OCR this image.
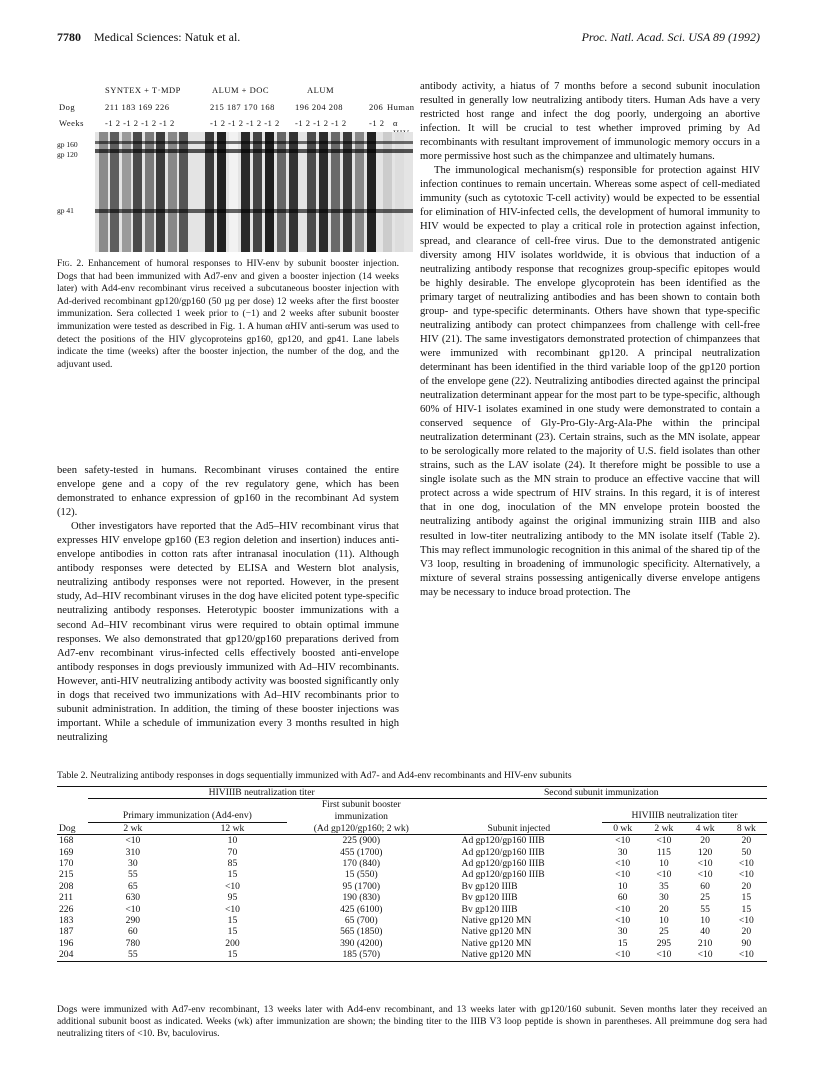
7780 Medical Sciences: Natuk et al.	Proc. Natl. Acad. Sci. USA 89 (1992)
SYNTEX + T·MDP	ALUM + DOC	ALUM
Dog	211 183 169 226	215 187 170 168 196 204 208	206 Human
Weeks -1 2 -1 2 -1 2 -1 2	-1 2 -1 2 -1 2 -1 2 -1 2 -1 2 -1 2	-1 2 α
gp 160
gp 120
gp 41
Fig. 2. Enhancement of humoral responses to HIV-env by subunit booster injection. Dogs that had been immunized with Ad7-env and given a booster injection (14 weeks later) with Ad4-env recombinant virus received a subcutaneous booster injection with Ad-derived recombinant gp120/gp160 (50 µg per dose) 12 weeks after the first booster immunization. Sera collected 1 week prior to (−1) and 2 weeks after subunit booster immunization were tested as described in Fig. 1. A human αHIV anti-serum was used to detect the positions of the HIV glycoproteins gp160, gp120, and gp41. Lane labels indicate the time (weeks) after the booster injection, the number of the dog, and the adjuvant used.

been safety-tested in humans. Recombinant viruses contained the entire envelope gene and a copy of the rev regulatory gene, which has been demonstrated to enhance expression of gp160 in the recombinant Ad system (12).

Other investigators have reported that the Ad5–HIV recombinant virus that expresses HIV envelope gp160 (E3 region deletion and insertion) induces anti-envelope antibodies in cotton rats after intranasal inoculation (11). Although antibody responses were detected by ELISA and Western blot analysis, neutralizing antibody responses were not reported. However, in the present study, Ad–HIV recombinant viruses in the dog have elicited potent type-specific neutralizing antibody responses. Heterotypic booster immunizations with a second Ad–HIV recombinant virus were required to obtain optimal immune responses. We also demonstrated that gp120/gp160 preparations derived from Ad7-env recombinant virus-infected cells effectively boosted anti-envelope antibody responses in dogs previously immunized with Ad–HIV recombinants. However, anti-HIV neutralizing antibody activity was boosted significantly only in dogs that received two immunizations with Ad–HIV recombinants prior to subunit administration. In addition, the timing of these booster injections was important. While a schedule of immunization every 3 months resulted in high neutralizing

antibody activity, a hiatus of 7 months before a second subunit inoculation resulted in generally low neutralizing antibody titers. Human Ads have a very restricted host range and infect the dog poorly, undergoing an abortive infection. It will be crucial to test whether improved priming by Ad recombinants with resultant improvement of immunologic memory occurs in a more permissive host such as the chimpanzee and ultimately humans.

The immunological mechanism(s) responsible for protection against HIV infection continues to remain uncertain. Whereas some aspect of cell-mediated immunity (such as cytotoxic T-cell activity) would be expected to be essential for elimination of HIV-infected cells, the development of humoral immunity to HIV would be expected to play a critical role in protection against infection, spread, and clearance of cell-free virus. Due to the demonstrated antigenic diversity among HIV isolates worldwide, it is obvious that induction of a neutralizing antibody response that recognizes group-specific epitopes would be highly desirable. The envelope glycoprotein has been identified as the primary target of neutralizing antibodies and has been shown to contain both group- and type-specific determinants. Others have shown that type-specific neutralizing antibody can protect chimpanzees from challenge with cell-free HIV (21). The same investigators demonstrated protection of chimpanzees that were immunized with recombinant gp120. A principal neutralization determinant has been identified in the third variable loop of the gp120 portion of the envelope gene (22). Neutralizing antibodies directed against the principal neutralization determinant appear for the most part to be type-specific, although 60% of HIV-1 isolates examined in one study were demonstrated to contain a conserved sequence of Gly-Pro-Gly-Arg-Ala-Phe within the principal neutralization determinant (23). Certain strains, such as the MN isolate, appear to be serologically more related to the majority of U.S. field isolates than other strains, such as the LAV isolate (24). It therefore might be possible to use a single isolate such as the MN strain to produce an effective vaccine that will protect across a wide spectrum of HIV strains. In this regard, it is of interest that in one dog, inoculation of the MN envelope protein boosted the neutralizing antibody against the original immunizing strain IIIB and also resulted in low-titer neutralizing antibody to the MN isolate itself (Table 2). This may reflect immunologic recognition in this animal of the shared tip of the V3 loop, resulting in broadening of immunologic specificity. Alternatively, a mixture of several strains possessing antigenically diverse envelope antigens may be necessary to induce broad protection. The

Table 2. Neutralizing antibody responses in dogs sequentially immunized with Ad7- and Ad4-env recombinants and HIV-env subunits
	HIVIIIB neutralization titer			Second subunit immunization				
	Primary immunization (Ad4-env)		First subunit booster
immunization		HIVIIIB neutralization titer			
Dog	2 wk	12 wk	(Ad gp120/gp160; 2 wk)	Subunit injected	0 wk	2 wk	4 wk	8 wk
168	<10	10	225 (900)	Ad gp120/gp160 IIIB	<10	<10	20	20
169	310	70	455 (1700)	Ad gp120/gp160 IIIB	30	115	120	50
170	30	85	170 (840)	Ad gp120/gp160 IIIB	<10	10	<10	<10
215	55	15	15 (550)	Ad gp120/gp160 IIIB	<10	<10	<10	<10
208	65	<10	95 (1700)	Bv gp120 IIIB	10	35	60	20
211	630	95	190 (830)	Bv gp120 IIIB	60	30	25	15
226	<10	<10	425 (6100)	Bv gp120 IIIB	<10	20	55	15
183	290	15	65 (700)	Native gp120 MN	<10	10	10	<10
187	60	15	565 (1850)	Native gp120 MN	30	25	40	20
196	780	200	390 (4200)	Native gp120 MN	15	295	210	90
204	55	15	185 (570)	Native gp120 MN	<10	<10	<10	<10
Dogs were immunized with Ad7-env recombinant, 13 weeks later with Ad4-env recombinant, and 13 weeks later with gp120/160 subunit. Seven months later they received an additional subunit boost as indicated. Weeks (wk) after immunization are shown; the binding titer to the IIIB V3 loop peptide is shown in parentheses. All preimmune dog sera had neutralizing titers of <10. Bv, baculovirus.
